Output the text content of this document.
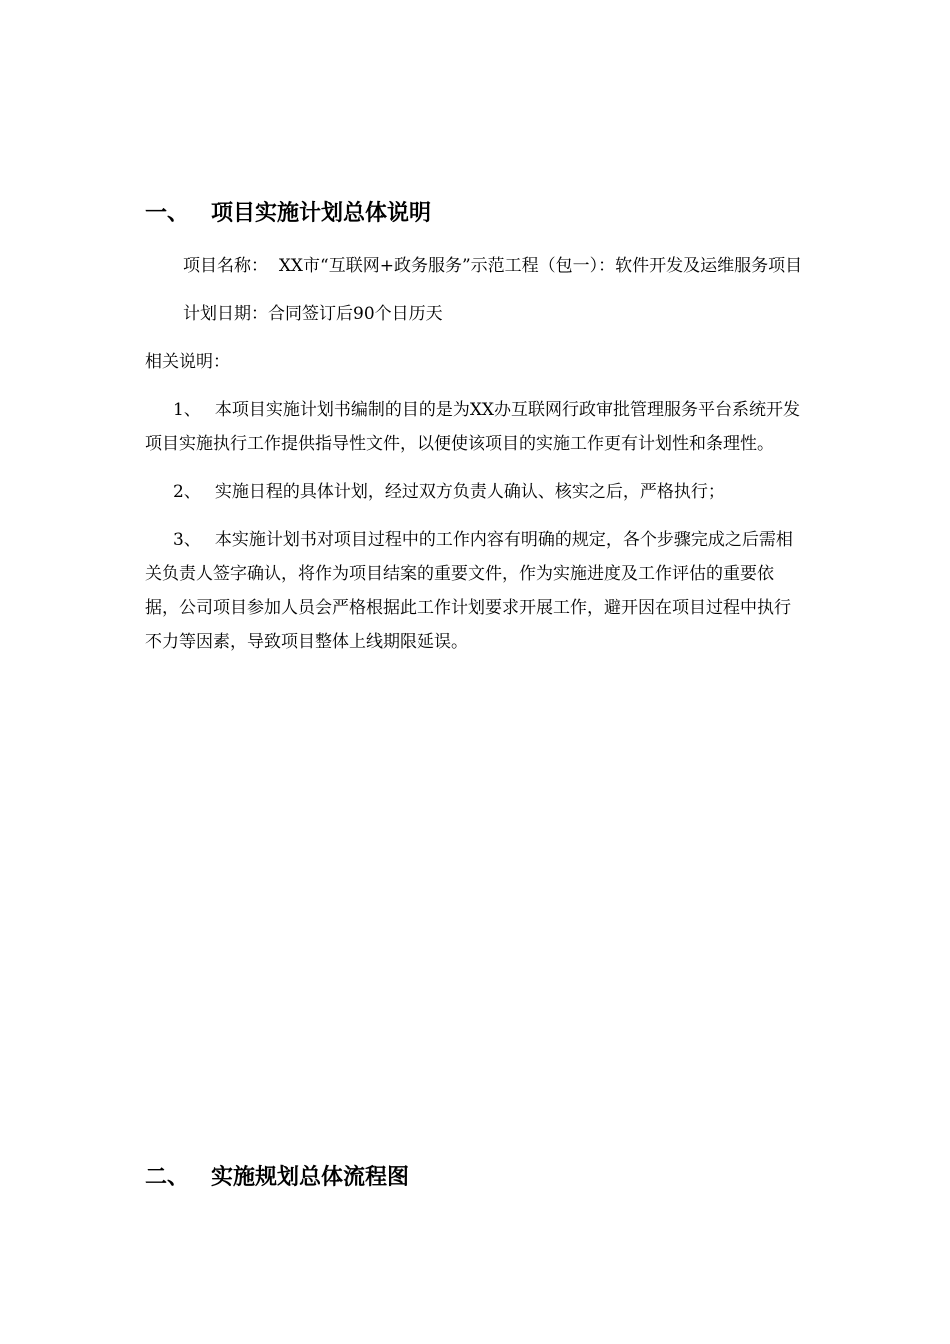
一、 项目实施计划总体说明

项目名称： XX市“互联网+政务服务”示范工程（包一）：软件开发及运维服务项目

计划日期：合同签订后90个日历天

相关说明：

1、 本项目实施计划书编制的目的是为XX办互联网行政审批管理服务平台系统开发项目实施执行工作提供指导性文件，以便使该项目的实施工作更有计划性和条理性。

2、 实施日程的具体计划，经过双方负责人确认、核实之后，严格执行；

3、 本实施计划书对项目过程中的工作内容有明确的规定，各个步骤完成之后需相关负责人签字确认，将作为项目结案的重要文件，作为实施进度及工作评估的重要依据，公司项目参加人员会严格根据此工作计划要求开展工作，避开因在项目过程中执行不力等因素，导致项目整体上线期限延误。

二、 实施规划总体流程图
